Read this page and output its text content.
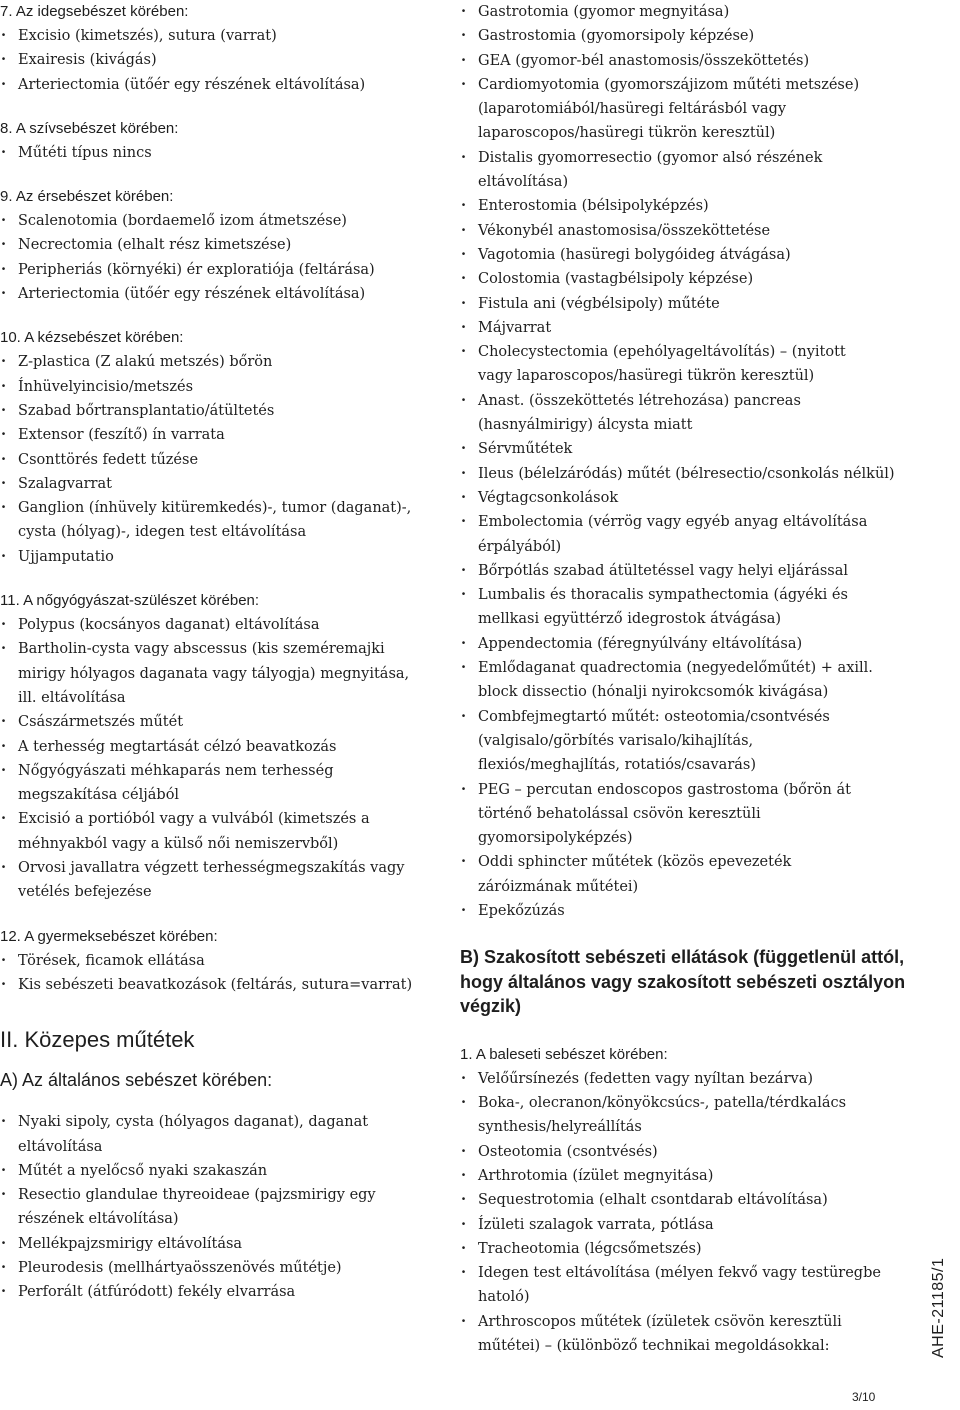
7. Az idegsebészet körében:
· Excisio (kimetszés), sutura (varrat)
· Exairesis (kivágás)
· Arteriectomia (ütőér egy részének eltávolítása)
8. A szívsebészet körében:
· Műtéti típus nincs
9. Az érsebészet körében:
· Scalenotomia (bordaemelő izom átmetszése)
· Necrectomia (elhalt rész kimetszése)
· Peripheriás (környéki) ér exploratiója (feltárása)
· Arteriectomia (ütőér egy részének eltávolítása)
10. A kézsebészet körében:
· Z-plastica (Z alakú metszés) bőrön
· Ínhüvelyincisio/metszés
· Szabad bőrtransplantatio/átültetés
· Extensor (feszítő) ín varrata
· Csonttörés fedett tűzése
· Szalagvarrat
· Ganglion (ínhüvely kitüremkedés)-, tumor (daganat)-,
cysta (hólyag)-, idegen test eltávolítása
· Ujjamputatio
11. A nőgyógyászat-szülészet körében:
· Polypus (kocsányos daganat) eltávolítása
· Bartholin-cysta vagy abscessus (kis szeméremajki
mirigy hólyagos daganata vagy tályogja) megnyitása,
ill. eltávolítása
· Császármetszés műtét
· A terhesség megtartását célzó beavatkozás
· Nőgyógyászati méhkaparás nem terhesség
megszakítása céljából
· Excisió a portióból vagy a vulvából (kimetszés a
méhnyakból vagy a külső női nemiszervből)
· Orvosi javallatra végzett terhességmegszakítás vagy
vetélés befejezése
12. A gyermeksebészet körében:
· Törések, ficamok ellátása
· Kis sebészeti beavatkozások (feltárás, sutura=varrat)
II. Közepes műtétek
A) Az általános sebészet körében:
· Nyaki sipoly, cysta (hólyagos daganat), daganat
eltávolítása
· Műtét a nyelőcső nyaki szakaszán
· Resectio glandulae thyreoideae (pajzsmirigy egy
részének eltávolítása)
· Mellékpajzsmirigy eltávolítása
· Pleurodesis (mellhártyaösszenövés műtétje)
· Perforált (átfúródott) fekély elvarrása
· Gastrotomia (gyomor megnyitása)
· Gastrostomia (gyomorsipoly képzése)
· GEA (gyomor-bél anastomosis/összeköttetés)
· Cardiomyotomia (gyomorszájizom műtéti metszése)
(laparotomiából/hasüregi feltárásból vagy
laparoscopos/hasüregi tükrön keresztül)
· Distalis gyomorresectio (gyomor alsó részének
eltávolítása)
· Enterostomia (bélsipolyképzés)
· Vékonybél anastomosisa/összeköttetése
· Vagotomia (hasüregi bolygóideg átvágása)
· Colostomia (vastagbélsipoly képzése)
· Fistula ani (végbélsipoly) műtéte
· Májvarrat
· Cholecystectomia (epehólyageltávolítás) – (nyitott
vagy laparoscopos/hasüregi tükrön keresztül)
· Anast. (összeköttetés létrehozása) pancreas
(hasnyálmirigy) álcysta miatt
· Sérvműtétek
· Ileus (bélelzáródás) műtét (bélresectio/csonkolás nélkül)
· Végtagcsonkolások
· Embolectomia (vérrög vagy egyéb anyag eltávolítása
érpályából)
· Bőrpótlás szabad átültetéssel vagy helyi eljárással
· Lumbalis és thoracalis sympathectomia (ágyéki és
mellkasi együttérző idegrostok átvágása)
· Appendectomia (féregnyúlvány eltávolítása)
· Emlődaganat quadrectomia (negyedelőműtét) + axill.
block dissectio (hónalji nyirokcsomók kivágása)
· Combfejmegtartó műtét: osteotomia/csontvésés
(valgisalo/görbítés varisalo/kihajlítás,
flexiós/meghajlítás, rotatiós/csavarás)
· PEG – percutan endoscopos gastrostoma (bőrön át
történő behatolással csövön keresztüli
gyomorsipolyképzés)
· Oddi sphincter műtétek (közös epevezeték
záróizmának műtétei)
· Epekőzúzás
B) Szakosított sebészeti ellátások (függetlenül attól,
hogy általános vagy szakosított sebészeti osztályon
végzik)
1. A baleseti sebészet körében:
· Velőűrsínezés (fedetten vagy nyíltan bezárva)
· Boka-, olecranon/könyökcsúcs-, patella/térdkalács
synthesis/helyreállítás
· Osteotomia (csontvésés)
· Arthrotomia (ízület megnyitása)
· Sequestrotomia (elhalt csontdarab eltávolítása)
· Ízületi szalagok varrata, pótlása
· Tracheotomia (légcsőmetszés)
· Idegen test eltávolítása (mélyen fekvő vagy testüregbe
hatoló)
· Arthroscopos műtétek (ízületek csövön keresztüli
műtétei) – (különböző technikai megoldásokkal:	AHE-21185/1
3/10
